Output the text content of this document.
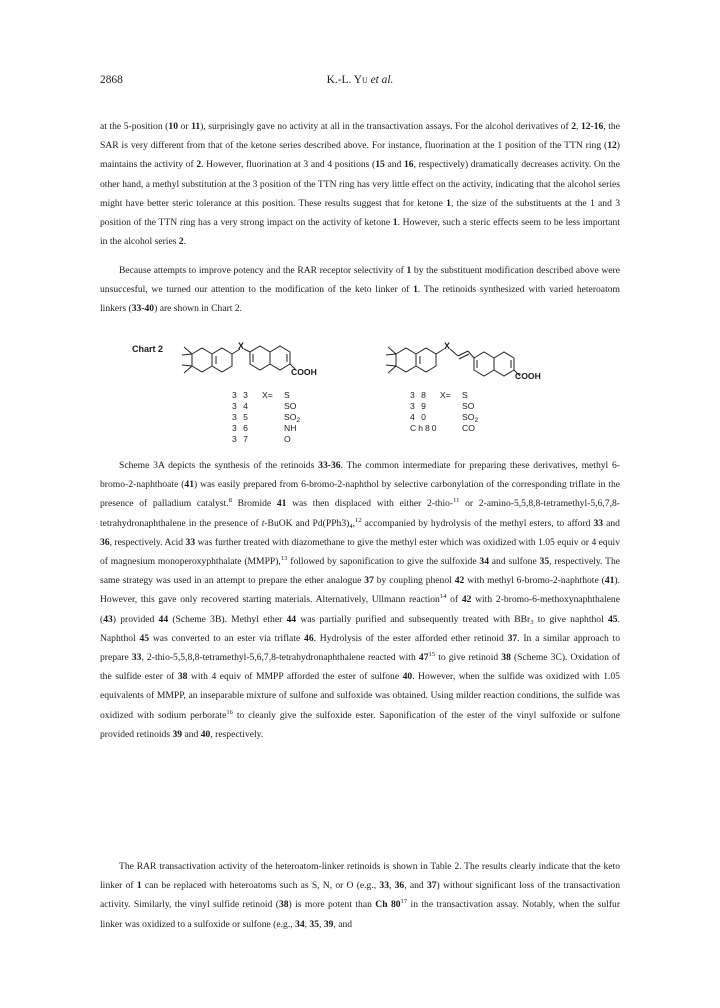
2868	K.-L. Yu et al.

at the 5-position (10 or 11), surprisingly gave no activity at all in the transactivation assays. For the alcohol derivatives of 2, 12-16, the SAR is very different from that of the ketone series described above. For instance, fluorination at the 1 position of the TTN ring (12) maintains the activity of 2. However, fluorination at 3 and 4 positions (15 and 16, respectively) dramatically decreases activity. On the other hand, a methyl substitution at the 3 position of the TTN ring has very little effect on the activity, indicating that the alcohol series might have better steric tolerance at this position. These results suggest that for ketone 1, the size of the substituents at the 1 and 3 position of the TTN ring has a very strong impact on the activity of ketone 1. However, such a steric effects seem to be less important in the alcohol series 2.

Because attempts to improve potency and the RAR receptor selectivity of 1 by the substituent modification described above were unsuccesful, we turned our attention to the modification of the keto linker of 1. The retinoids synthesized with varied heteroatom linkers (33-40) are shown in Chart 2.

Chart 2	X
COOH
3 3	X=	S
3 4	SO
3 5	$SO_2$
3 6	NH
3 7	O
X
COOH
3 8	X=	S
3 9	SO
4 0	$SO_2$
Ch80	CO

Scheme 3A depicts the synthesis of the retinoids 33-36. The common intermediate for preparing these derivatives, methyl 6-bromo-2-naphthoate (41) was easily prepared from 6-bromo-2-naphthol by selective carbonylation of the corresponding triflate in the presence of palladium catalyst.$^8$ Bromide 41 was then displaced with either 2-thio-$^{11}$ or 2-amino-5,5,8,8-tetramethyl-5,6,7,8-tetrahydronaphthalene in the presence of t-BuOK and $Pd(PPh3)_4,^{12}$ accompanied by hydrolysis of the methyl esters, to afford 33 and 36, respectively. Acid 33 was further treated with diazomethane to give the methyl ester which was oxidized with 1.05 equiv or 4 equiv of magnesium monoperoxyphthalate (MMPP),$^{13}$ followed by saponification to give the sulfoxide 34 and sulfone 35, respectively. The same strategy was used in an attempt to prepare the ether analogue 37 by coupling phenol 42 with methyl 6-bromo-2-naphthote (41). However, this gave only recovered starting materials. Alternatively, Ullmann reaction$^{14}$ of 42 with 2-bromo-6-methoxynaphthalene (43) provided 44 (Scheme 3B). Methyl ether 44 was partially purified and subsequently treated with BBr$_3$ to give naphthol 45. Naphthol 45 was converted to an ester via triflate 46. Hydrolysis of the ester afforded ether retinoid 37. In a similar approach to prepare 33, 2-thio-5,5,8,8-tetramethyl-5,6,7,8-tetrahydronaphthalene reacted with $47^{15}$ to give retinoid 38 (Scheme 3C). Oxidation of the sulfide ester of 38 with 4 equiv of MMPP afforded the ester of sulfone 40. However, when the sulfide was oxidized with 1.05 equivalents of MMPP, an inseparable mixture of sulfone and sulfoxide was obtained. Using milder reaction conditions, the sulfide was oxidized with sodium perborate$^{16}$ to cleanly give the sulfoxide ester. Saponification of the ester of the vinyl sulfoxide or sulfone provided retinoids 39 and 40, respectively.

The RAR transactivation activity of the heteroatom-linker retinoids is shown in Table 2. The results clearly indicate that the keto linker of 1 can be replaced with heteroatoms such as S, N, or O (e.g., 33, 36, and 37) without significant loss of the transactivation activity. Similarly, the vinyl sulfide retinoid (38) is more potent than Ch $80^{17}$ in the transactivation assay. Notably, when the sulfur linker was oxidized to a sulfoxide or sulfone (e.g., 34, 35, 39, and
